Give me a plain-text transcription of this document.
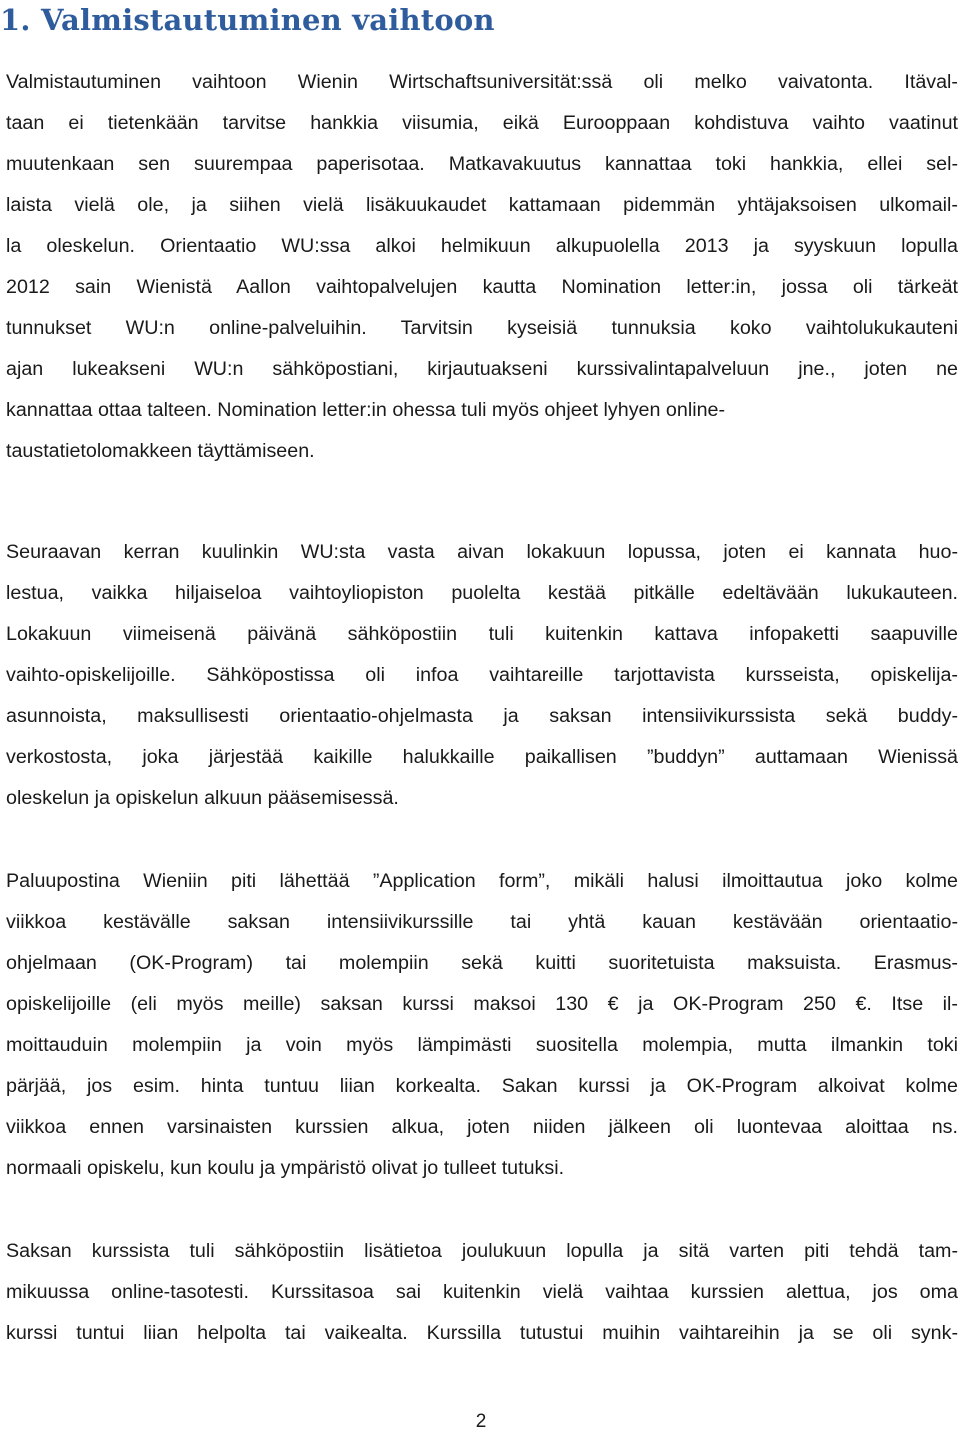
1. Valmistautuminen vaihtoon
Valmistautuminen vaihtoon Wienin Wirtschaftsuniversität:ssä oli melko vaivatonta. Itäval-
taan ei tietenkään tarvitse hankkia viisumia, eikä Eurooppaan kohdistuva vaihto vaatinut
muutenkaan sen suurempaa paperisotaa. Matkavakuutus kannattaa toki hankkia, ellei sel-
laista vielä ole, ja siihen vielä lisäkuukaudet kattamaan pidemmän yhtäjaksoisen ulkomail-
la oleskelun. Orientaatio WU:ssa alkoi helmikuun alkupuolella 2013 ja syyskuun lopulla
2012 sain Wienistä Aallon vaihtopalvelujen kautta Nomination letter:in, jossa oli tärkeät
tunnukset WU:n online-palveluihin. Tarvitsin kyseisiä tunnuksia koko vaihtolukukauteni
ajan lukeakseni WU:n sähköpostiani, kirjautuakseni kurssivalintapalveluun jne., joten ne
kannattaa ottaa talteen. Nomination letter:in ohessa tuli myös ohjeet lyhyen online-
taustatietolomakkeen täyttämiseen.
Seuraavan kerran kuulinkin WU:sta vasta aivan lokakuun lopussa, joten ei kannata huo-
lestua, vaikka hiljaiseloa vaihtoyliopiston puolelta kestää pitkälle edeltävään lukukauteen.
Lokakuun viimeisenä päivänä sähköpostiin tuli kuitenkin kattava infopaketti saapuville
vaihto-opiskelijoille. Sähköpostissa oli infoa vaihtareille tarjottavista kursseista, opiskelija-
asunnoista, maksullisesti orientaatio-ohjelmasta ja saksan intensiivikurssista sekä buddy-
verkostosta, joka järjestää kaikille halukkaille paikallisen ”buddyn” auttamaan Wienissä
oleskelun ja opiskelun alkuun pääsemisessä.
Paluupostina Wieniin piti lähettää ”Application form”, mikäli halusi ilmoittautua joko kolme
viikkoa kestävälle saksan intensiivikurssille tai yhtä kauan kestävään orientaatio-
ohjelmaan (OK-Program) tai molempiin sekä kuitti suoritetuista maksuista. Erasmus-
opiskelijoille (eli myös meille) saksan kurssi maksoi 130 € ja OK-Program 250 €. Itse il-
moittauduin molempiin ja voin myös lämpimästi suositella molempia, mutta ilmankin toki
pärjää, jos esim. hinta tuntuu liian korkealta. Sakan kurssi ja OK-Program alkoivat kolme
viikkoa ennen varsinaisten kurssien alkua, joten niiden jälkeen oli luontevaa aloittaa ns.
normaali opiskelu, kun koulu ja ympäristö olivat jo tulleet tutuksi.
Saksan kurssista tuli sähköpostiin lisätietoa joulukuun lopulla ja sitä varten piti tehdä tam-
mikuussa online-tasotesti. Kurssitasoa sai kuitenkin vielä vaihtaa kurssien alettua, jos oma
kurssi tuntui liian helpolta tai vaikealta. Kurssilla tutustui muihin vaihtareihin ja se oli synk-
2
